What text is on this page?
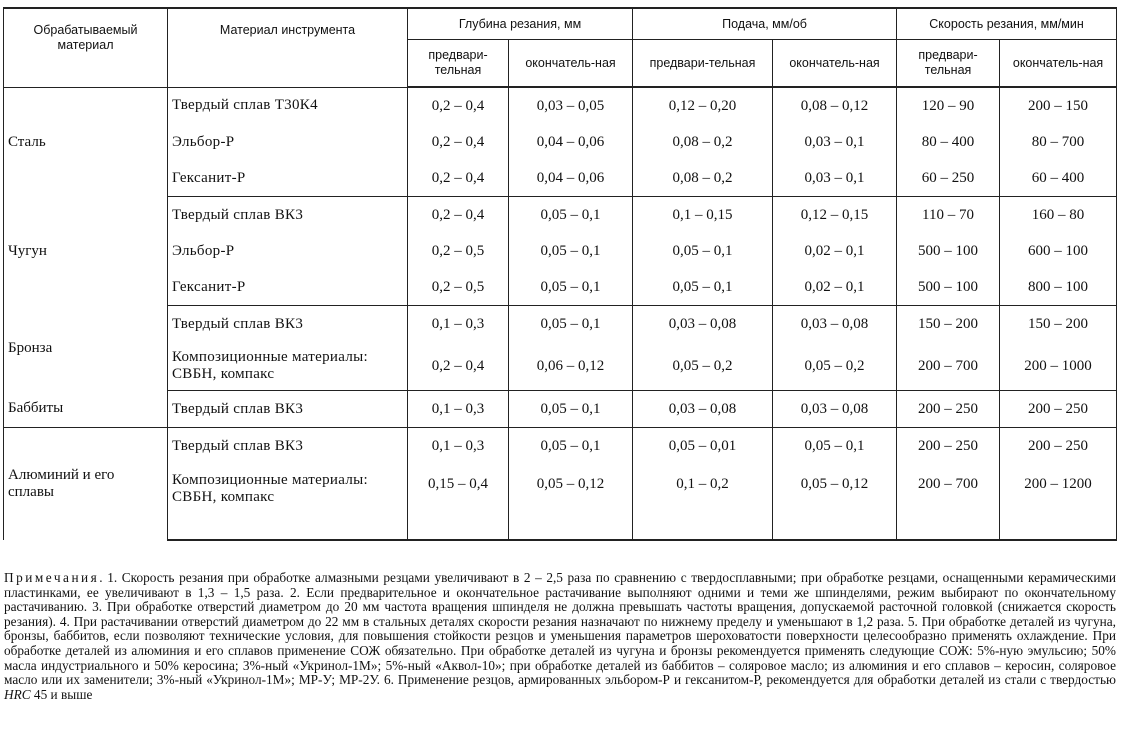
Обрабатываемый материал	Материал инструмента	Глубина резания, мм		Подача, мм/об		Скорость резания, мм/мин	
		предвари-тельная	окончатель-ная	предвари-тельная	окончатель-ная	предвари-тельная	окончатель-ная
Сталь	Твердый сплав Т30К4	0,2 – 0,4	0,03 – 0,05	0,12 – 0,20	0,08 – 0,12	120 – 90	200 – 150
	Эльбор-Р	0,2 – 0,4	0,04 – 0,06	0,08 – 0,2	0,03 – 0,1	80 – 400	80 – 700
	Гексанит-Р	0,2 – 0,4	0,04 – 0,06	0,08 – 0,2	0,03 – 0,1	60 – 250	60 – 400
Чугун	Твердый сплав ВК3	0,2 – 0,4	0,05 – 0,1	0,1 – 0,15	0,12 – 0,15	110 – 70	160 – 80
	Эльбор-Р	0,2 – 0,5	0,05 – 0,1	0,05 – 0,1	0,02 – 0,1	500 – 100	600 – 100
	Гексанит-Р	0,2 – 0,5	0,05 – 0,1	0,05 – 0,1	0,02 – 0,1	500 – 100	800 – 100
Бронза	Твердый сплав ВК3	0,1 – 0,3	0,05 – 0,1	0,03 – 0,08	0,03 – 0,08	150 – 200	150 – 200
	Композиционные материалы: СВБН, компакс	0,2 – 0,4	0,06 – 0,12	0,05 – 0,2	0,05 – 0,2	200 – 700	200 – 1000
Баббиты	Твердый сплав ВК3	0,1 – 0,3	0,05 – 0,1	0,03 – 0,08	0,03 – 0,08	200 – 250	200 – 250
Алюминий и его сплавы	Твердый сплав ВК3	0,1 – 0,3	0,05 – 0,1	0,05 – 0,01	0,05 – 0,1	200 – 250	200 – 250
	Композиционные материалы: СВБН, компакс	0,15 – 0,4	0,05 – 0,12	0,1 – 0,2	0,05 – 0,12	200 – 700	200 – 1200
Примечания. 1. Скорость резания при обработке алмазными резцами увеличивают в 2 – 2,5 раза по сравнению с твердосплавными; при обработке резцами, оснащенными керамическими пластинками, ее увеличивают в 1,3 – 1,5 раза. 2. Если предварительное и окончательное растачивание выполняют одними и теми же шпинделями, режим выбирают по окончательному растачиванию. 3. При обработке отверстий диаметром до 20 мм частота вращения шпинделя не должна превышать частоты вращения, допускаемой расточной головкой (снижается скорость резания). 4. При растачивании отверстий диаметром до 22 мм в стальных деталях скорости резания назначают по нижнему пределу и уменьшают в 1,2 раза. 5. При обработке деталей из чугуна, бронзы, баббитов, если позволяют технические условия, для повышения стойкости резцов и уменьшения параметров шероховатости поверхности целесообразно применять охлаждение. При обработке деталей из алюминия и его сплавов применение СОЖ обязательно. При обработке деталей из чугуна и бронзы рекомендуется применять следующие СОЖ: 5%-ную эмульсию; 50% масла индустриального и 50% керосина; 3%-ный «Укринол-1М»; 5%-ный «Аквол-10»; при обработке деталей из баббитов – соляровое масло; из алюминия и его сплавов – керосин, соляровое масло или их заменители; 3%-ный «Укринол-1М»; МР-У; МР-2У. 6. Применение резцов, армированных эльбором-Р и гексанитом-Р, рекомендуется для обработки деталей из стали с твердостью HRC 45 и выше
